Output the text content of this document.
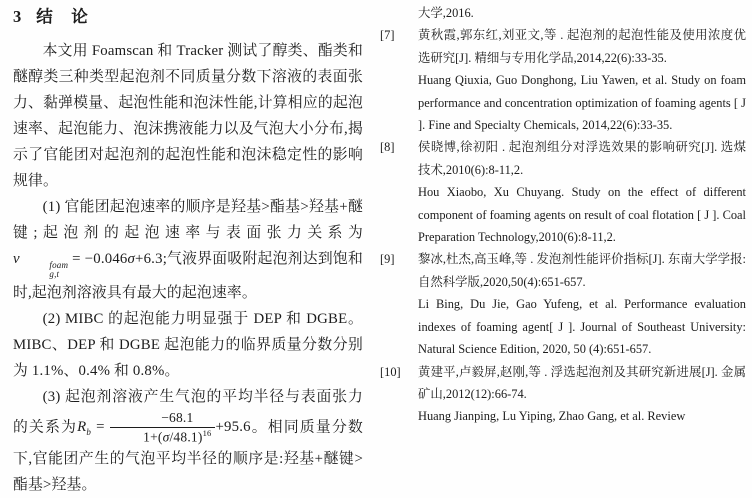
3 结　论

本文用 Foamscan 和 Tracker 测试了醇类、酯类和醚醇类三种类型起泡剂不同质量分数下溶液的表面张力、黏弹模量、起泡性能和泡沫性能,计算相应的起泡速率、起泡能力、泡沫携液能力以及气泡大小分布,揭示了官能团对起泡剂的起泡性能和泡沫稳定性的影响规律。

(1) 官能团起泡速率的顺序是羟基>酯基>羟基+醚键;起泡剂的起泡速率与表面张力关系为v	foam
g,t
= −0.046σ+6.3;气液界面吸附起泡剂达到饱和时,起泡剂溶液具有最大的起泡速率。

(2) MIBC 的起泡能力明显强于 DEP 和 DGBE。MIBC、DEP 和 DGBE 起泡能力的临界质量分数分别为 1.1%、0.4% 和 0.8%。

(3) 起泡剂溶液产生气泡的平均半径与表面张力的关系为$R_b = \frac{-68.1}{1+(\sigma/48.1)^{16}} +95.6$。相同质量分数下,官能团产生的气泡平均半径的顺序是:羟基+醚键>酯基>羟基。

大学,2016.
[7] 黄秋霞,郭东红,刘亚文,等 . 起泡剂的起泡性能及使用浓度优选研究[J]. 精细与专用化学品,2014,22(6):33-35.
Huang Qiuxia, Guo Donghong, Liu Yawen, et al. Study on foam performance and concentration optimization of foaming agents [ J ]. Fine and Specialty Chemicals, 2014,22(6):33-35.
[8] 侯晓博,徐初阳 . 起泡剂组分对浮选效果的影响研究[J]. 选煤技术,2010(6):8-11,2.
Hou Xiaobo, Xu Chuyang. Study on the effect of different component of foaming agents on result of coal flotation [ J ]. Coal Preparation Technology,2010(6):8-11,2.
[9] 黎冰,杜杰,高玉峰,等 . 发泡剂性能评价指标[J]. 东南大学学报:自然科学版,2020,50(4):651-657.
Li Bing, Du Jie, Gao Yufeng, et al. Performance evaluation indexes of foaming agent[ J ]. Journal of Southeast University: Natural Science Edition, 2020, 50 (4):651-657.
[10] 黄建平,卢毅屏,赵刚,等 . 浮选起泡剂及其研究新进展[J]. 金属矿山,2012(12):66-74.
Huang Jianping, Lu Yiping, Zhao Gang, et al. Review
